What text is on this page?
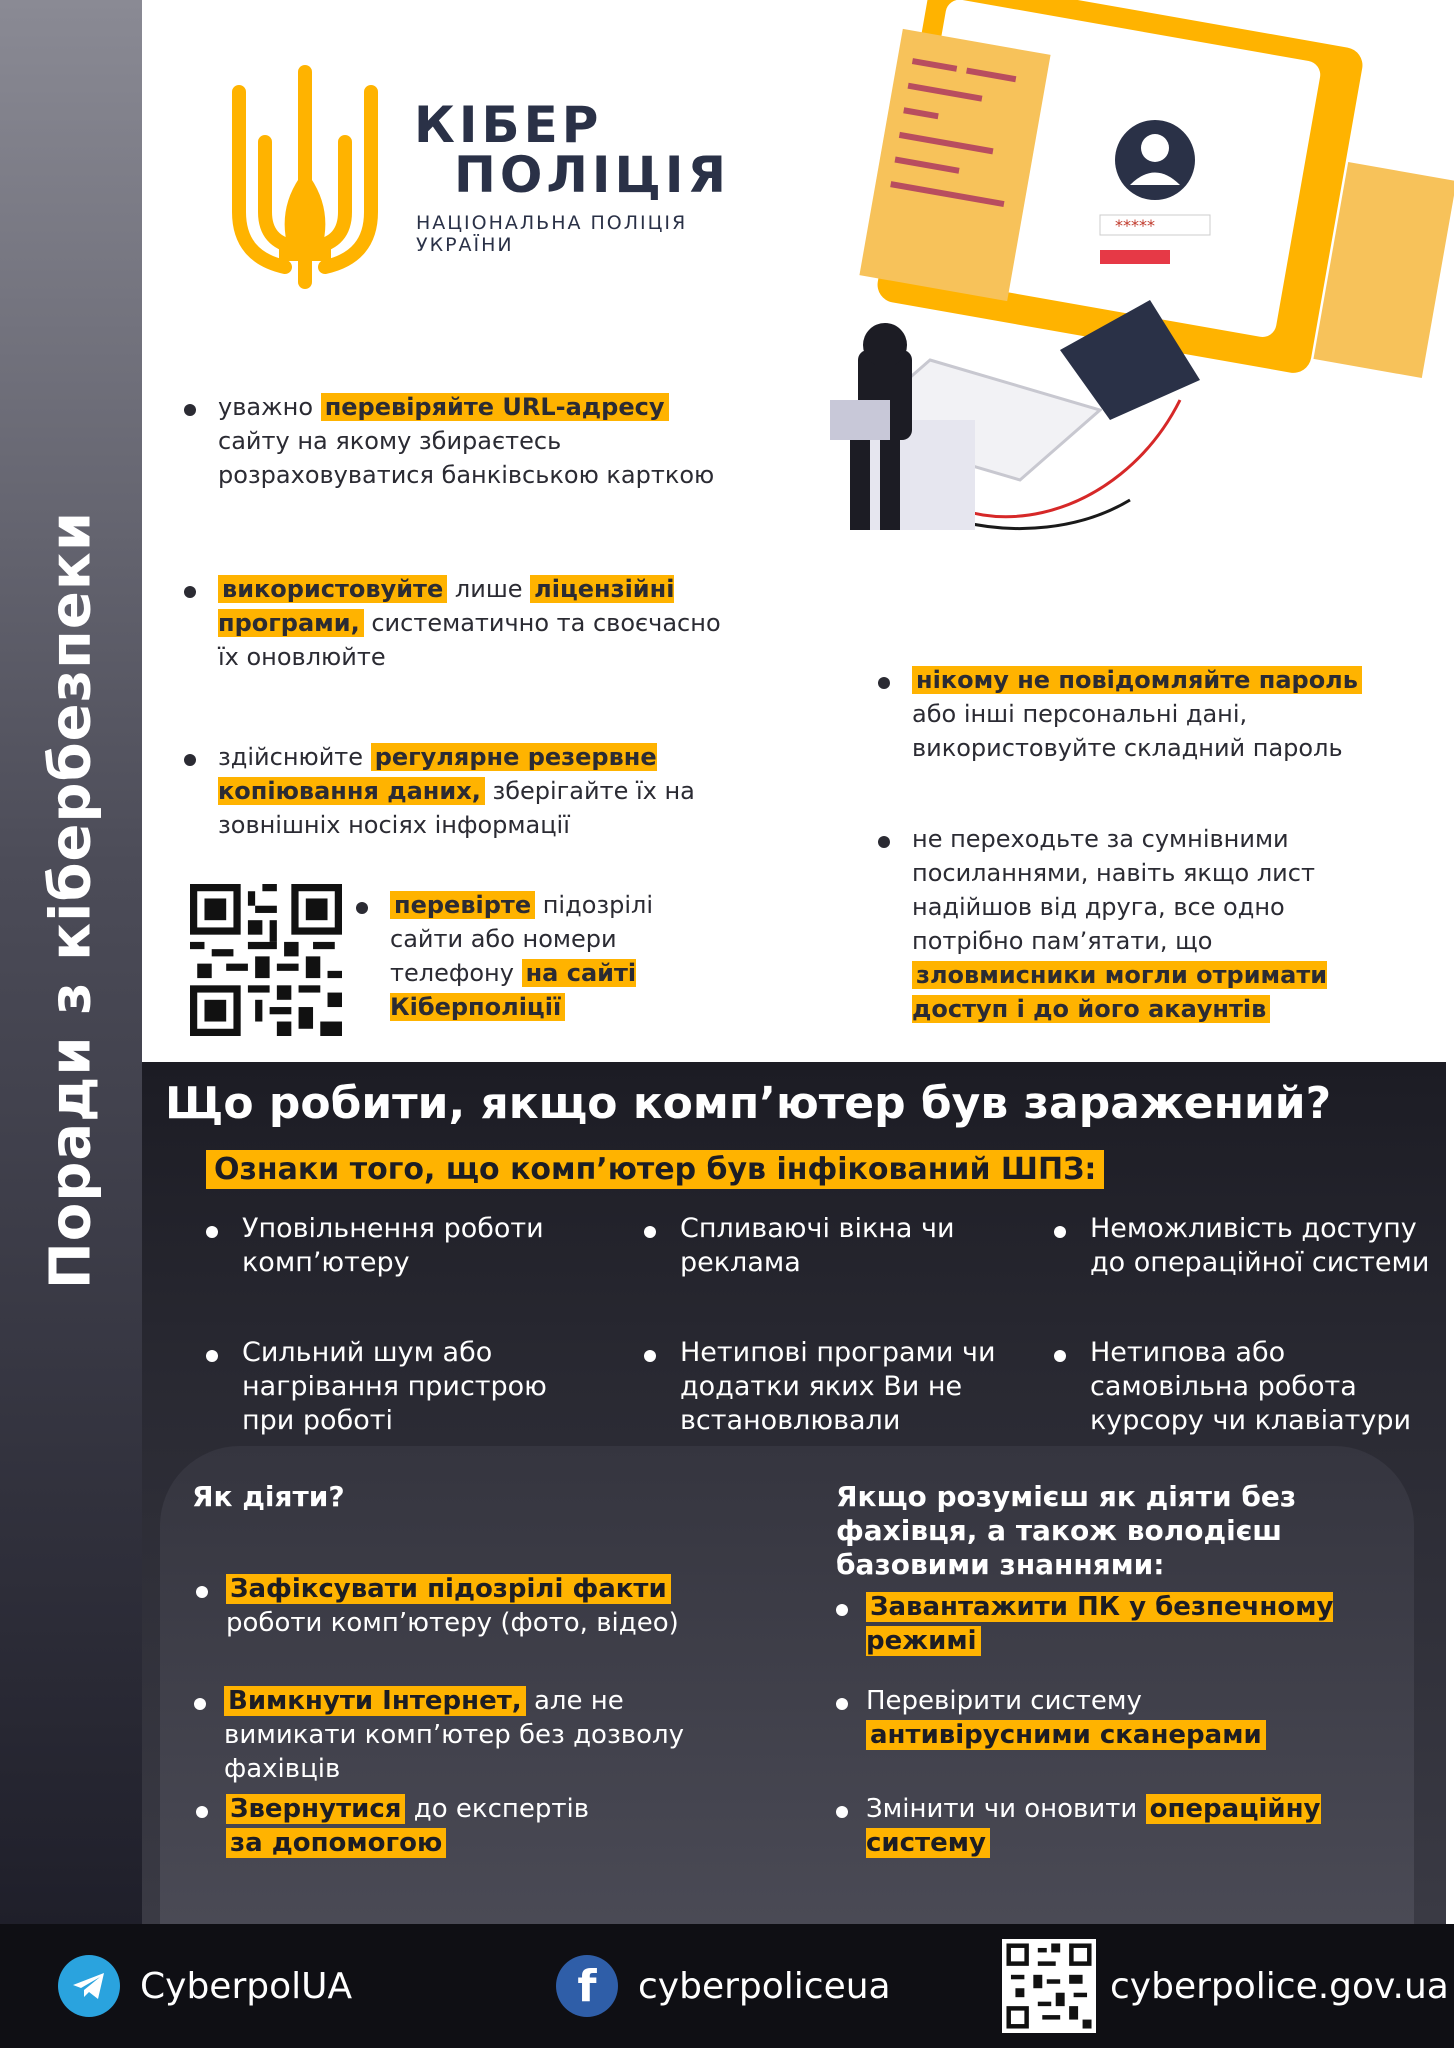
Поради з кібербезпеки
КІБЕР
ПОЛІЦІЯ
НАЦІОНАЛЬНА ПОЛІЦІЯ УКРАЇНИ
*****
уважно перевіряйте URL-адресу
сайту на якому збираєтесь розраховуватися банківською карткою
використовуйте лише ліцензійні програми, систематично та своєчасно їх оновлюйте
здійснюйте регулярне резервне копіювання даних, зберігайте їх на зовнішніх носіях інформації
перевірте підозрілі сайти або номери телефону на сайті Кіберполіції
нікому не повідомляйте пароль
або інші персональні дані, використовуйте складний пароль
не переходьте за сумнівними посиланнями, навіть якщо лист надійшов від друга, все одно потрібно пам’ятати, що зловмисники могли отримати доступ і до його акаунтів
Що робити, якщо комп’ютер був заражений?
Ознаки того, що комп’ютер був інфікований ШПЗ:
Уповільнення роботи комп’ютеру
Спливаючі вікна чи реклама
Неможливість доступу до операційної системи
Сильний шум або нагрівання пристрою при роботі
Нетипові програми чи додатки яких Ви не встановлювали
Нетипова або самовільна робота курсору чи клавіатури
Як діяти?	Якщо розумієш як діяти без фахівця, а також володієш базовими знаннями:
Зафіксувати підозрілі факти роботи комп’ютеру (фото, відео)
Вимкнути Інтернет, але не вимикати комп’ютер без дозволу фахівців
Звернутися до експертів за допомогою
Завантажити ПК у безпечному режимі
Перевірити систему антивірусними сканерами
Змінити чи оновити операційну систему
CyberpolUA	f cyberpoliceua	cyberpolice.gov.ua
